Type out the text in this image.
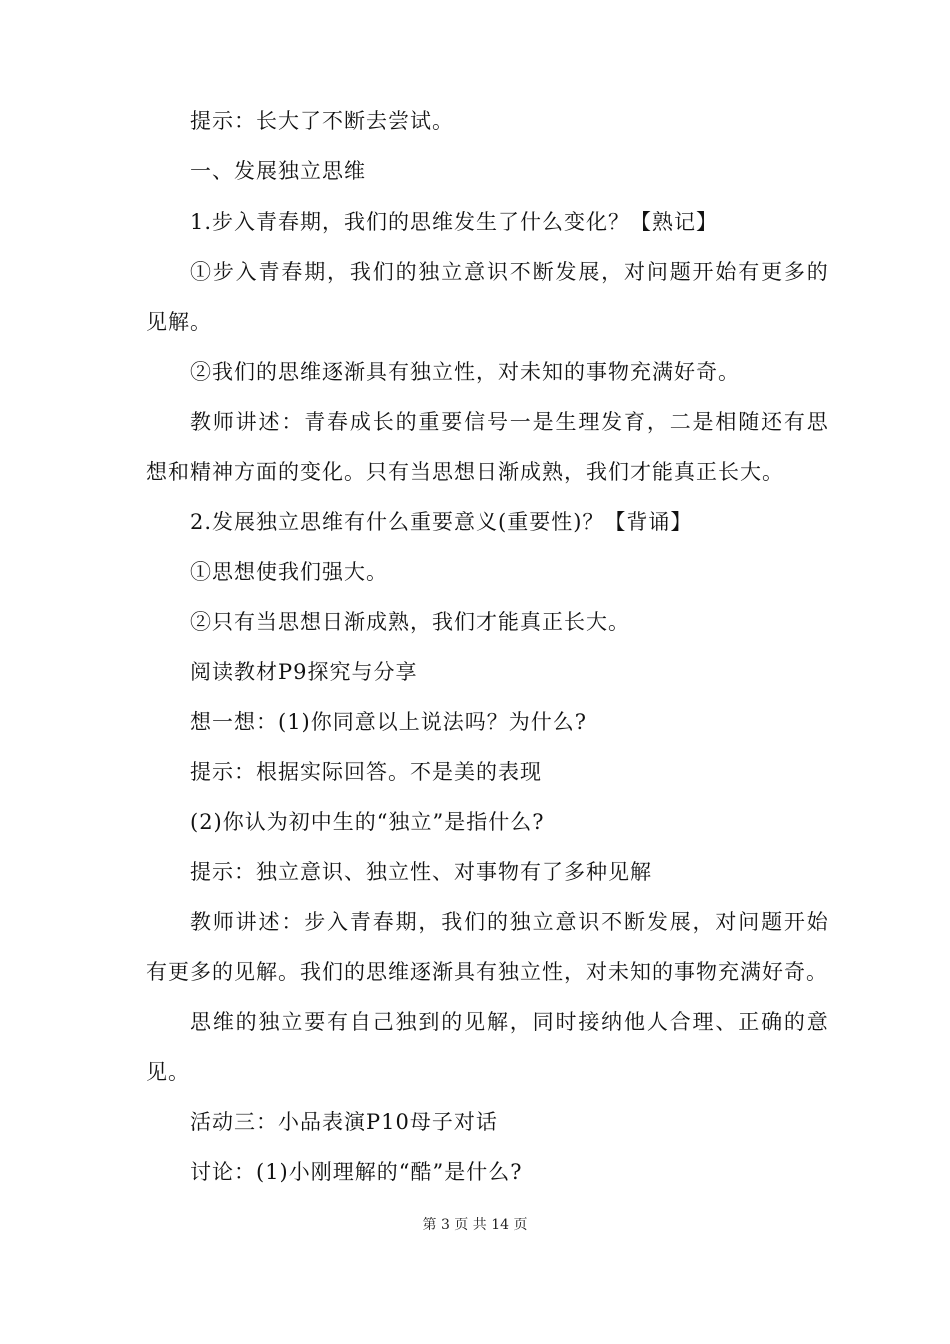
提示：长大了不断去尝试。
一、发展独立思维
1.步入青春期，我们的思维发生了什么变化？【熟记】
①步入青春期，我们的独立意识不断发展，对问题开始有更多的
见解。
②我们的思维逐渐具有独立性，对未知的事物充满好奇。
教师讲述：青春成长的重要信号一是生理发育，二是相随还有思
想和精神方面的变化。只有当思想日渐成熟，我们才能真正长大。
2.发展独立思维有什么重要意义(重要性)？【背诵】
①思想使我们强大。
②只有当思想日渐成熟，我们才能真正长大。
阅读教材P9探究与分享
想一想：(1)你同意以上说法吗？为什么?
提示：根据实际回答。不是美的表现
(2)你认为初中生的“独立”是指什么?
提示：独立意识、独立性、对事物有了多种见解
教师讲述：步入青春期，我们的独立意识不断发展，对问题开始
有更多的见解。我们的思维逐渐具有独立性，对未知的事物充满好奇。
思维的独立要有自己独到的见解，同时接纳他人合理、正确的意
见。
活动三：小品表演P10母子对话
讨论：(1)小刚理解的“酷”是什么?
第 3 页 共 14 页
